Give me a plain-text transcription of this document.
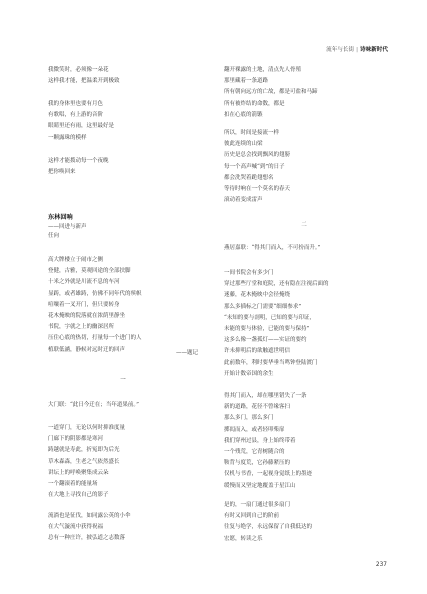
流年与长街 | 诗味新时代
我微笑时，必须像一朵花
这样我才能，把温柔开到极致
我的身体里也要有月色
有歌唱，有上游的音阶
眼睛里还有雨，这里最好是
一颗露珠的模样
这样才能拨动每一个夜晚
把你唤回来
东林回响
——回进与新声
任向
高大牌楼立于闹市之侧
登健，古雅，莫观回途的全部扶脚
十米之外就是川流不息的车河
显踌，或者雄踌，仿佛不同年代的殡帜
喧嚷着一叉开门，但只要转身
花木掩映的院落就在浓荫里静坐
书院，字就之上的幽深居所
压住心底的热切，打量每一个进门的人
植联低涵，静候对远时迁的回声
——题记
一
大门联：“此日今迁在；当年道果前。”
一道穿门，无论以何时抑准度量
门廊下的阴影都是寒河
踌越就是寿此，折冤即为后光
草木森森，生老之气依然盛长
讲坛上的呼唤聚集成云朵
一个翻滚着的能量场
在大地上寻找自己的影子
流淌也是征伐，如同露公英的小伞
在大气漩流中获得祝福
总有一种庄许，披弘道之志数落
翻开裸露的土地，清点先人骨殖
那里藏着一条道路
所有朝向远方的亡故，都是可盐和马蹄
所有被炸结的命数，都是
扣在心底的箭镞
所以，时间是接流一样
彼此连续的山梁
历史是总会找到飘风的翅膀
每一个高声喊“到”的日子
都会洗哭着跪翅想名
等待时响在一个莫名的春天
滚动着变成雷声
二
燕居嘉联：“得其门而入，不可扮而升。”
一间书院会有多少门
穿过那些厅堂和庭院，还有隐在注视后面的
迷藤，花木掩映中会径掩绕
那么多插标之门需要“细细参求”
“未知的要与剖明，已知的要与印证，
未能的要与体验，已能的要与保持”
这多么像一盏孤灯——实证的要约
许未抑明后的欲触遮世明信
此前数年，利时要华垂当鸣钟登陆渡门
开始计数帝国的余生
得其门而入，却在哪里错失了一条
新的道路，花径不曾缘客扫
那么多门，那么多门
掷闳而入，或者轻叩柴扉
我们穿州过县，身上始终带着
一个残荒，它青树随合的
鞍背与度荒，它孙藤紧压的
仅机与书香，一起视身觉纸上的墨迹
缓慢而又坚定地覆盖于星江山
是的，一扇门通过很多扇门
有时又回到自己的阶前
往复与绝学，永远保留了自我低达的
宏愿，转读之乐
237
